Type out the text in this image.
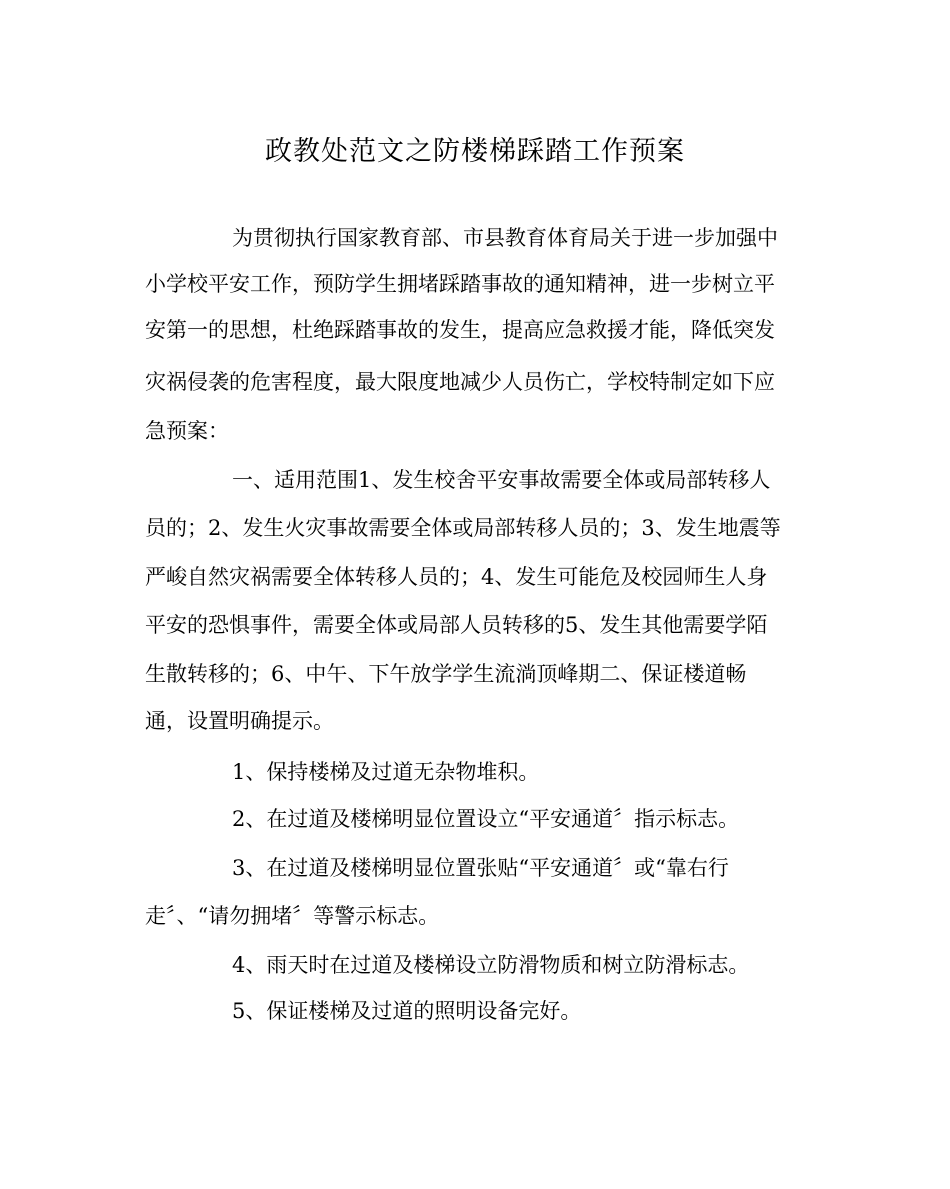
政教处范文之防楼梯踩踏工作预案
为贯彻执行国家教育部、市县教育体育局关于进一步加强中
小学校平安工作，预防学生拥堵踩踏事故的通知精神，进一步树立平
安第一的思想，杜绝踩踏事故的发生，提高应急救援才能，降低突发
灾祸侵袭的危害程度，最大限度地减少人员伤亡，学校特制定如下应
急预案：
一、适用范围1、发生校舍平安事故需要全体或局部转移人
员的；2、发生火灾事故需要全体或局部转移人员的；3、发生地震等
严峻自然灾祸需要全体转移人员的；4、发生可能危及校园师生人身
平安的恐惧事件，需要全体或局部人员转移的5、发生其他需要学陌
生散转移的；6、中午、下午放学学生流淌顶峰期二、保证楼道畅
通，设置明确提示。
1、保持楼梯及过道无杂物堆积。
2、在过道及楼梯明显位置设立“平安通道〞指示标志。
3、在过道及楼梯明显位置张贴“平安通道〞或“靠右行
走〞、“请勿拥堵〞等警示标志。
4、雨天时在过道及楼梯设立防滑物质和树立防滑标志。
5、保证楼梯及过道的照明设备完好。
